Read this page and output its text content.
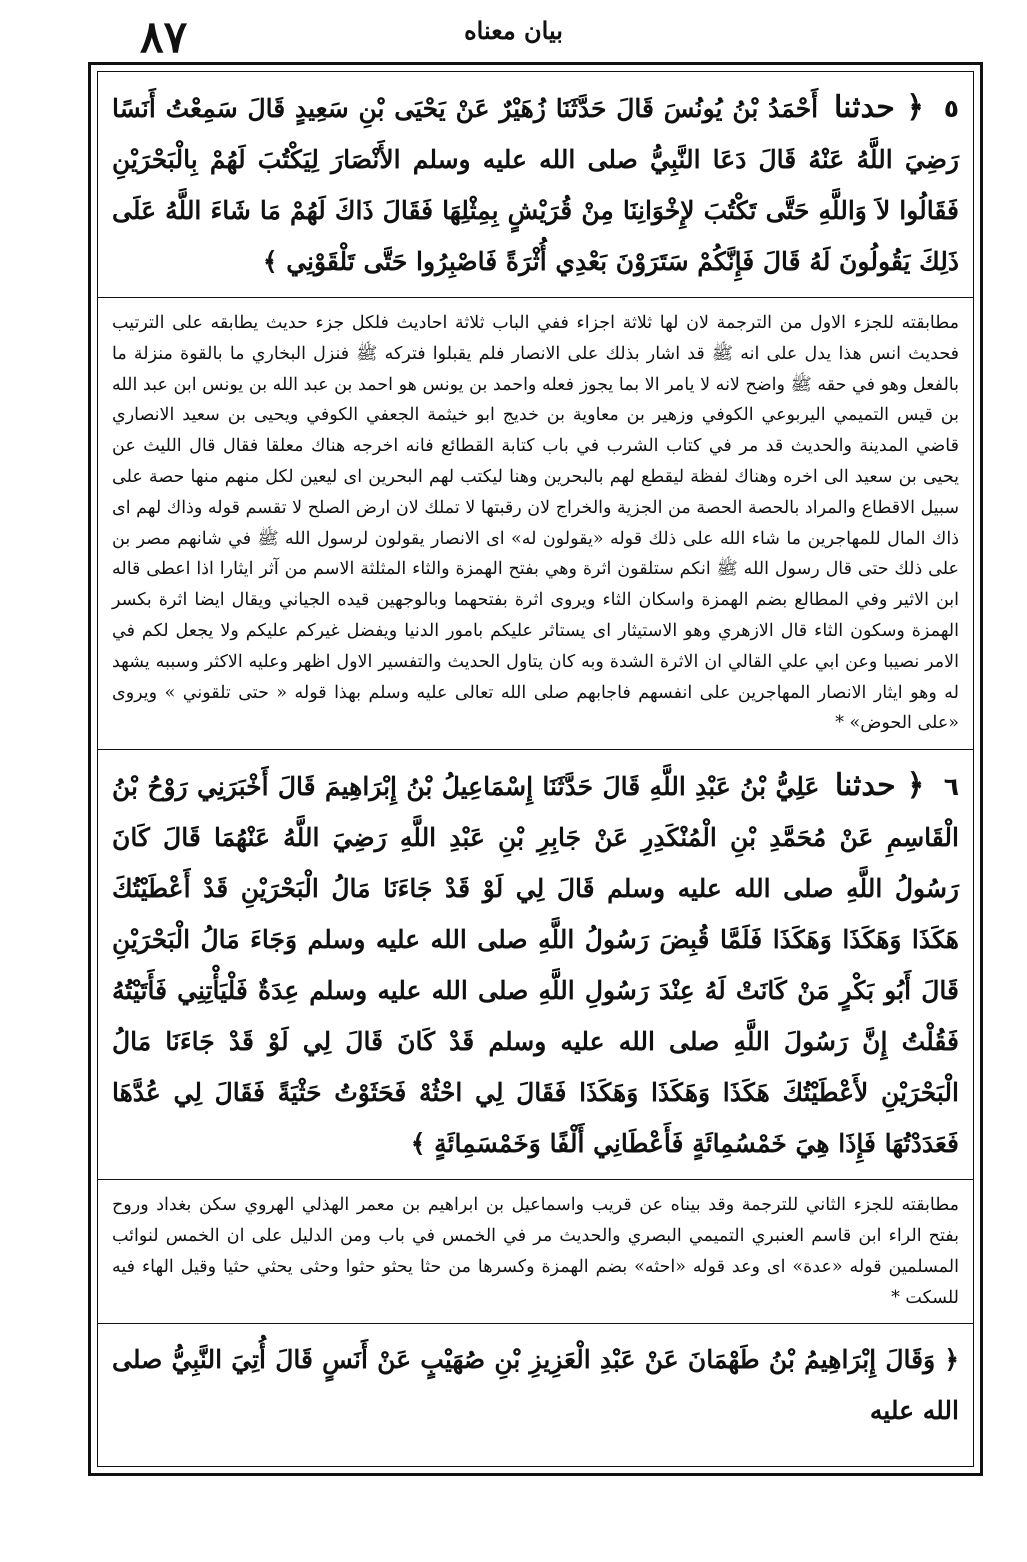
٨٧	بيان معناه

٥ ﴿ حدثنا أَحْمَدُ بْنُ يُونُسَ قَالَ حَدَّثَنَا زُهَيْرٌ عَنْ يَحْيَى بْنِ سَعِيدٍ قَالَ سَمِعْتُ أَنَسًا رَضِيَ اللَّهُ عَنْهُ قَالَ دَعَا النَّبِيُّ صلى الله عليه وسلم الأَنْصَارَ لِيَكْتُبَ لَهُمْ بِالْبَحْرَيْنِ فَقَالُوا لاَ وَاللَّهِ حَتَّى تَكْتُبَ لإِخْوَانِنَا مِنْ قُرَيْشٍ بِمِثْلِهَا فَقَالَ ذَاكَ لَهُمْ مَا شَاءَ اللَّهُ عَلَى ذَلِكَ يَقُولُونَ لَهُ قَالَ فَإِنَّكُمْ سَتَرَوْنَ بَعْدِي أُثْرَةً فَاصْبِرُوا حَتَّى تَلْقَوْنِي ﴾

مطابقته للجزء الاول من الترجمة لان لها ثلاثة اجزاء ففي الباب ثلاثة احاديث فلكل جزء حديث يطابقه على الترتيب فحديث انس هذا يدل على انه ﷺ قد اشار بذلك على الانصار فلم يقبلوا فتركه ﷺ فنزل البخاري ما بالقوة منزلة ما بالفعل وهو في حقه ﷺ واضح لانه لا يامر الا بما يجوز فعله واحمد بن يونس هو احمد بن عبد الله بن يونس ابن عبد الله بن قيس التميمي اليربوعي الكوفي وزهير بن معاوية بن خديج ابو خيثمة الجعفي الكوفي ويحيى بن سعيد الانصاري قاضي المدينة والحديث قد مر في كتاب الشرب في باب كتابة القطائع فانه اخرجه هناك معلقا فقال قال الليث عن يحيى بن سعيد الى اخره وهناك لفظة ليقطع لهم بالبحرين وهنا ليكتب لهم البحرين اى ليعين لكل منهم منها حصة على سبيل الاقطاع والمراد بالحصة الحصة من الجزية والخراج لان رقبتها لا تملك لان ارض الصلح لا تقسم قوله وذاك لهم اى ذاك المال للمهاجرين ما شاء الله على ذلك قوله «يقولون له» اى الانصار يقولون لرسول الله ﷺ في شانهم مصر بن على ذلك حتى قال رسول الله ﷺ انكم ستلقون اثرة وهي بفتح الهمزة والثاء المثلثة الاسم من آثر ايثارا اذا اعطى قاله ابن الاثير وفي المطالع بضم الهمزة واسكان الثاء ويروى اثرة بفتحهما وبالوجهين قيده الجياني ويقال ايضا اثرة بكسر الهمزة وسكون الثاء قال الازهري وهو الاستيثار اى يستاثر عليكم بامور الدنيا ويفضل غيركم عليكم ولا يجعل لكم في الامر نصيبا وعن ابي علي القالي ان الاثرة الشدة وبه كان يتاول الحديث والتفسير الاول اظهر وعليه الاكثر وسببه يشهد له وهو ايثار الانصار المهاجرين على انفسهم فاجابهم صلى الله تعالى عليه وسلم بهذا قوله « حتى تلقوني » ويروى «على الحوض» *

٦ ﴿ حدثنا عَلِيُّ بْنُ عَبْدِ اللَّهِ قَالَ حَدَّثَنَا إِسْمَاعِيلُ بْنُ إِبْرَاهِيمَ قَالَ أَخْبَرَنِي رَوْحُ بْنُ الْقَاسِمِ عَنْ مُحَمَّدِ بْنِ الْمُنْكَدِرِ عَنْ جَابِرِ بْنِ عَبْدِ اللَّهِ رَضِيَ اللَّهُ عَنْهُمَا قَالَ كَانَ رَسُولُ اللَّهِ صلى الله عليه وسلم قَالَ لِي لَوْ قَدْ جَاءَنَا مَالُ الْبَحْرَيْنِ قَدْ أَعْطَيْتُكَ هَكَذَا وَهَكَذَا وَهَكَذَا فَلَمَّا قُبِضَ رَسُولُ اللَّهِ صلى الله عليه وسلم وَجَاءَ مَالُ الْبَحْرَيْنِ قَالَ أَبُو بَكْرٍ مَنْ كَانَتْ لَهُ عِنْدَ رَسُولِ اللَّهِ صلى الله عليه وسلم عِدَةٌ فَلْيَأْتِنِي فَأَتَيْتُهُ فَقُلْتُ إِنَّ رَسُولَ اللَّهِ صلى الله عليه وسلم قَدْ كَانَ قَالَ لِي لَوْ قَدْ جَاءَنَا مَالُ الْبَحْرَيْنِ لأَعْطَيْتُكَ هَكَذَا وَهَكَذَا وَهَكَذَا فَقَالَ لِي احْثُهْ فَحَثَوْتُ حَثْيَةً فَقَالَ لِي عُدَّهَا فَعَدَدْتُهَا فَإِذَا هِيَ خَمْسُمِائَةٍ فَأَعْطَانِي أَلْفًا وَخَمْسَمِائَةٍ ﴾

مطابقته للجزء الثاني للترجمة وقد بيناه عن قريب واسماعيل بن ابراهيم بن معمر الهذلي الهروي سكن بغداد وروح بفتح الراء ابن قاسم العنبري التميمي البصري والحديث مر في الخمس في باب ومن الدليل على ان الخمس لنوائب المسلمين قوله «عدة» اى وعد قوله «احثه» بضم الهمزة وكسرها من حثا يحثو حثوا وحثى يحثي حثيا وقيل الهاء فيه للسكت *

﴿ وَقَالَ إِبْرَاهِيمُ بْنُ طَهْمَانَ عَنْ عَبْدِ الْعَزِيزِ بْنِ صُهَيْبٍ عَنْ أَنَسٍ قَالَ أُتِيَ النَّبِيُّ صلى الله عليه
